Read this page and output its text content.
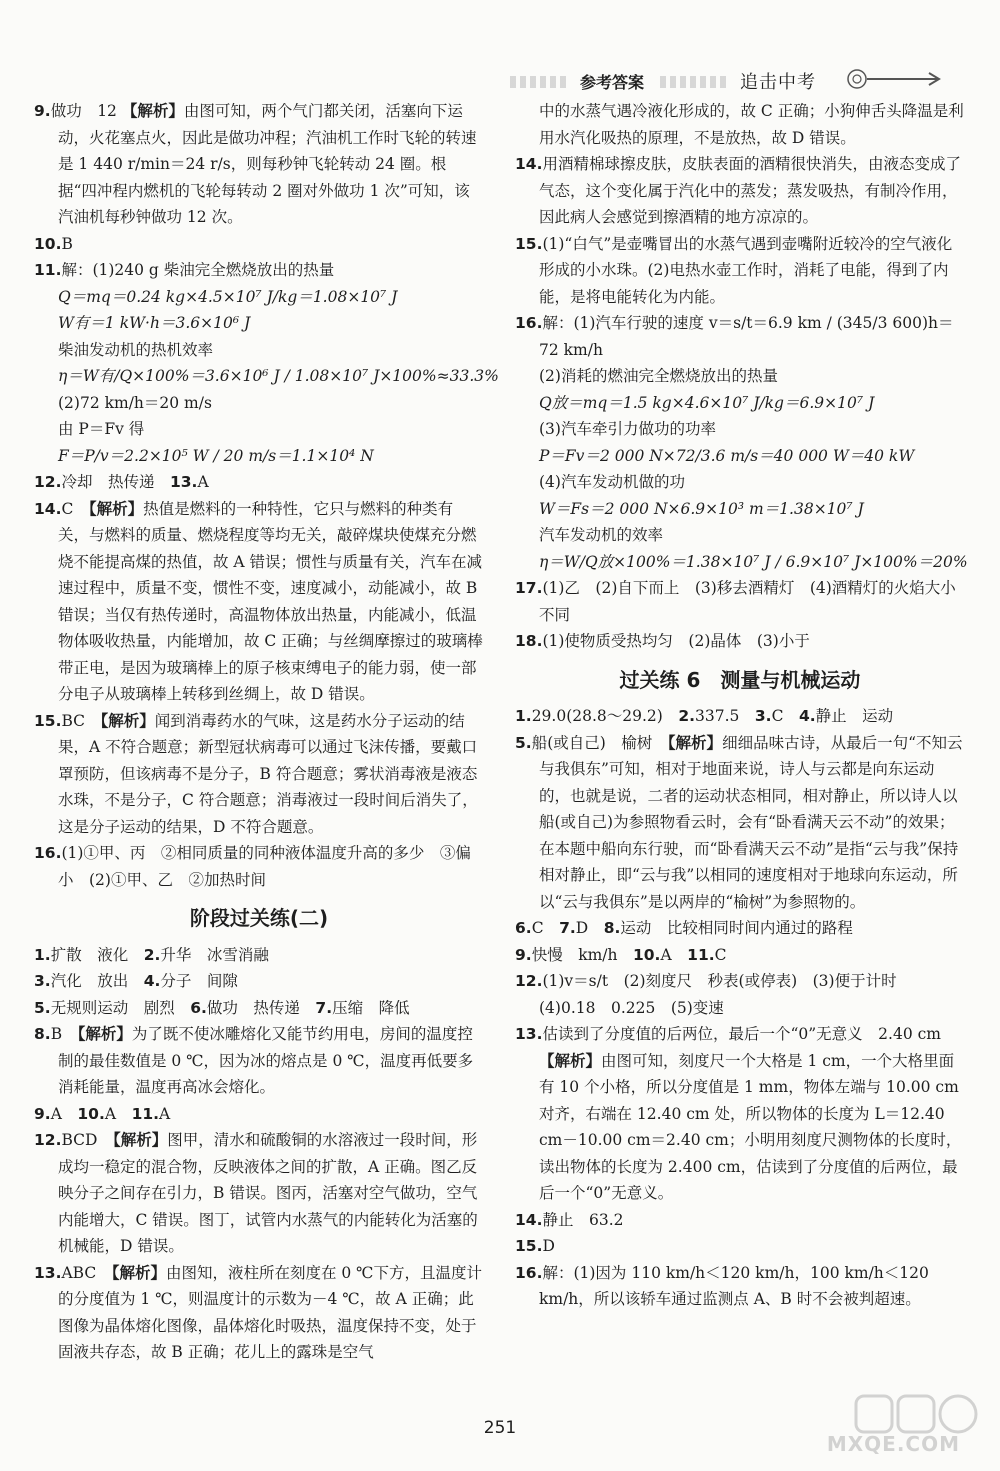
参考答案	追击中考

9.做功　12 【解析】由图可知，两个气门都关闭，活塞向下运动，火花塞点火，因此是做功冲程；汽油机工作时飞轮的转速是 1 440 r/min＝24 r/s，则每秒钟飞轮转动 24 圈。根据“四冲程内燃机的飞轮每转动 2 圈对外做功 1 次”可知，该汽油机每秒钟做功 12 次。

10.B

11.解：(1)240 g 柴油完全燃烧放出的热量

Q＝mq＝0.24 kg×4.5×10⁷ J/kg＝1.08×10⁷ J
W有＝1 kW·h＝3.6×10⁶ J
柴油发动机的热机效率
η＝W有/Q×100%＝3.6×10⁶ J / 1.08×10⁷ J×100%≈33.3%
(2)72 km/h＝20 m/s
由 P＝Fv 得
F＝P/v＝2.2×10⁵ W / 20 m/s＝1.1×10⁴ N

12.冷却　热传递　13.A

14.C　【解析】热值是燃料的一种特性，它只与燃料的种类有关，与燃料的质量、燃烧程度等均无关，敲碎煤块使煤充分燃烧不能提高煤的热值，故 A 错误；惯性与质量有关，汽车在减速过程中，质量不变，惯性不变，速度减小，动能减小，故 B 错误；当仅有热传递时，高温物体放出热量，内能减小，低温物体吸收热量，内能增加，故 C 正确；与丝绸摩擦过的玻璃棒带正电，是因为玻璃棒上的原子核束缚电子的能力弱，使一部分电子从玻璃棒上转移到丝绸上，故 D 错误。

15.BC　【解析】闻到消毒药水的气味，这是药水分子运动的结果，A 不符合题意；新型冠状病毒可以通过飞沫传播，要戴口罩预防，但该病毒不是分子，B 符合题意；雾状消毒液是液态水珠，不是分子，C 符合题意；消毒液过一段时间后消失了，这是分子运动的结果，D 不符合题意。

16.(1)①甲、丙　②相同质量的同种液体温度升高的多少　③偏小　(2)①甲、乙　②加热时间

阶段过关练(二)

1.扩散　液化　2.升华　冰雪消融

3.汽化　放出　4.分子　间隙

5.无规则运动　剧烈　6.做功　热传递　7.压缩　降低

8.B　【解析】为了既不使冰雕熔化又能节约用电，房间的温度控制的最佳数值是 0 ℃，因为冰的熔点是 0 ℃，温度再低要多消耗能量，温度再高冰会熔化。

9.A　10.A　11.A

12.BCD　【解析】图甲，清水和硫酸铜的水溶液过一段时间，形成均一稳定的混合物，反映液体之间的扩散，A 正确。图乙反映分子之间存在引力，B 错误。图丙，活塞对空气做功，空气内能增大，C 错误。图丁，试管内水蒸气的内能转化为活塞的机械能，D 错误。

13.ABC　【解析】由图知，液柱所在刻度在 0 ℃下方，且温度计的分度值为 1 ℃，则温度计的示数为－4 ℃，故 A 正确；此图像为晶体熔化图像，晶体熔化时吸热，温度保持不变，处于固液共存态，故 B 正确；花儿上的露珠是空气

中的水蒸气遇冷液化形成的，故 C 正确；小狗伸舌头降温是利用水汽化吸热的原理，不是放热，故 D 错误。

14.用酒精棉球擦皮肤，皮肤表面的酒精很快消失，由液态变成了气态，这个变化属于汽化中的蒸发；蒸发吸热，有制冷作用，因此病人会感觉到擦酒精的地方凉凉的。

15.(1)“白气”是壶嘴冒出的水蒸气遇到壶嘴附近较冷的空气液化形成的小水珠。(2)电热水壶工作时，消耗了电能，得到了内能，是将电能转化为内能。

16.解：(1)汽车行驶的速度 v＝s/t＝6.9 km / (345/3 600)h＝72 km/h

(2)消耗的燃油完全燃烧放出的热量
Q放＝mq＝1.5 kg×4.6×10⁷ J/kg＝6.9×10⁷ J
(3)汽车牵引力做功的功率
P＝Fv＝2 000 N×72/3.6 m/s＝40 000 W＝40 kW
(4)汽车发动机做的功
W＝Fs＝2 000 N×6.9×10³ m＝1.38×10⁷ J
汽车发动机的效率
η＝W/Q放×100%＝1.38×10⁷ J / 6.9×10⁷ J×100%＝20%

17.(1)乙　(2)自下而上　(3)移去酒精灯　(4)酒精灯的火焰大小不同

18.(1)使物质受热均匀　(2)晶体　(3)小于

过关练 6　测量与机械运动

1.29.0(28.8～29.2)　2.337.5　3.C　4.静止　运动

5.船(或自己)　榆树　【解析】细细品味古诗，从最后一句“不知云与我俱东”可知，相对于地面来说，诗人与云都是向东运动的，也就是说，二者的运动状态相同，相对静止，所以诗人以船(或自己)为参照物看云时，会有“卧看满天云不动”的效果；在本题中船向东行驶，而“卧看满天云不动”是指“云与我”保持相对静止，即“云与我”以相同的速度相对于地球向东运动，所以“云与我俱东”是以两岸的“榆树”为参照物的。

6.C　7.D　8.运动　比较相同时间内通过的路程

9.快慢　km/h　10.A　11.C

12.(1)v＝s/t　(2)刻度尺　秒表(或停表)　(3)便于计时

(4)0.18　0.225　(5)变速

13.估读到了分度值的后两位，最后一个“0”无意义　2.40 cm　【解析】由图可知，刻度尺一个大格是 1 cm，一个大格里面有 10 个小格，所以分度值是 1 mm，物体左端与 10.00 cm 对齐，右端在 12.40 cm 处，所以物体的长度为 L＝12.40 cm－10.00 cm＝2.40 cm；小明用刻度尺测物体的长度时，读出物体的长度为 2.400 cm，估读到了分度值的后两位，最后一个“0”无意义。

14.静止　63.2

15.D

16.解：(1)因为 110 km/h＜120 km/h，100 km/h＜120 km/h，所以该轿车通过监测点 A、B 时不会被判超速。

251
MXQE.COM
